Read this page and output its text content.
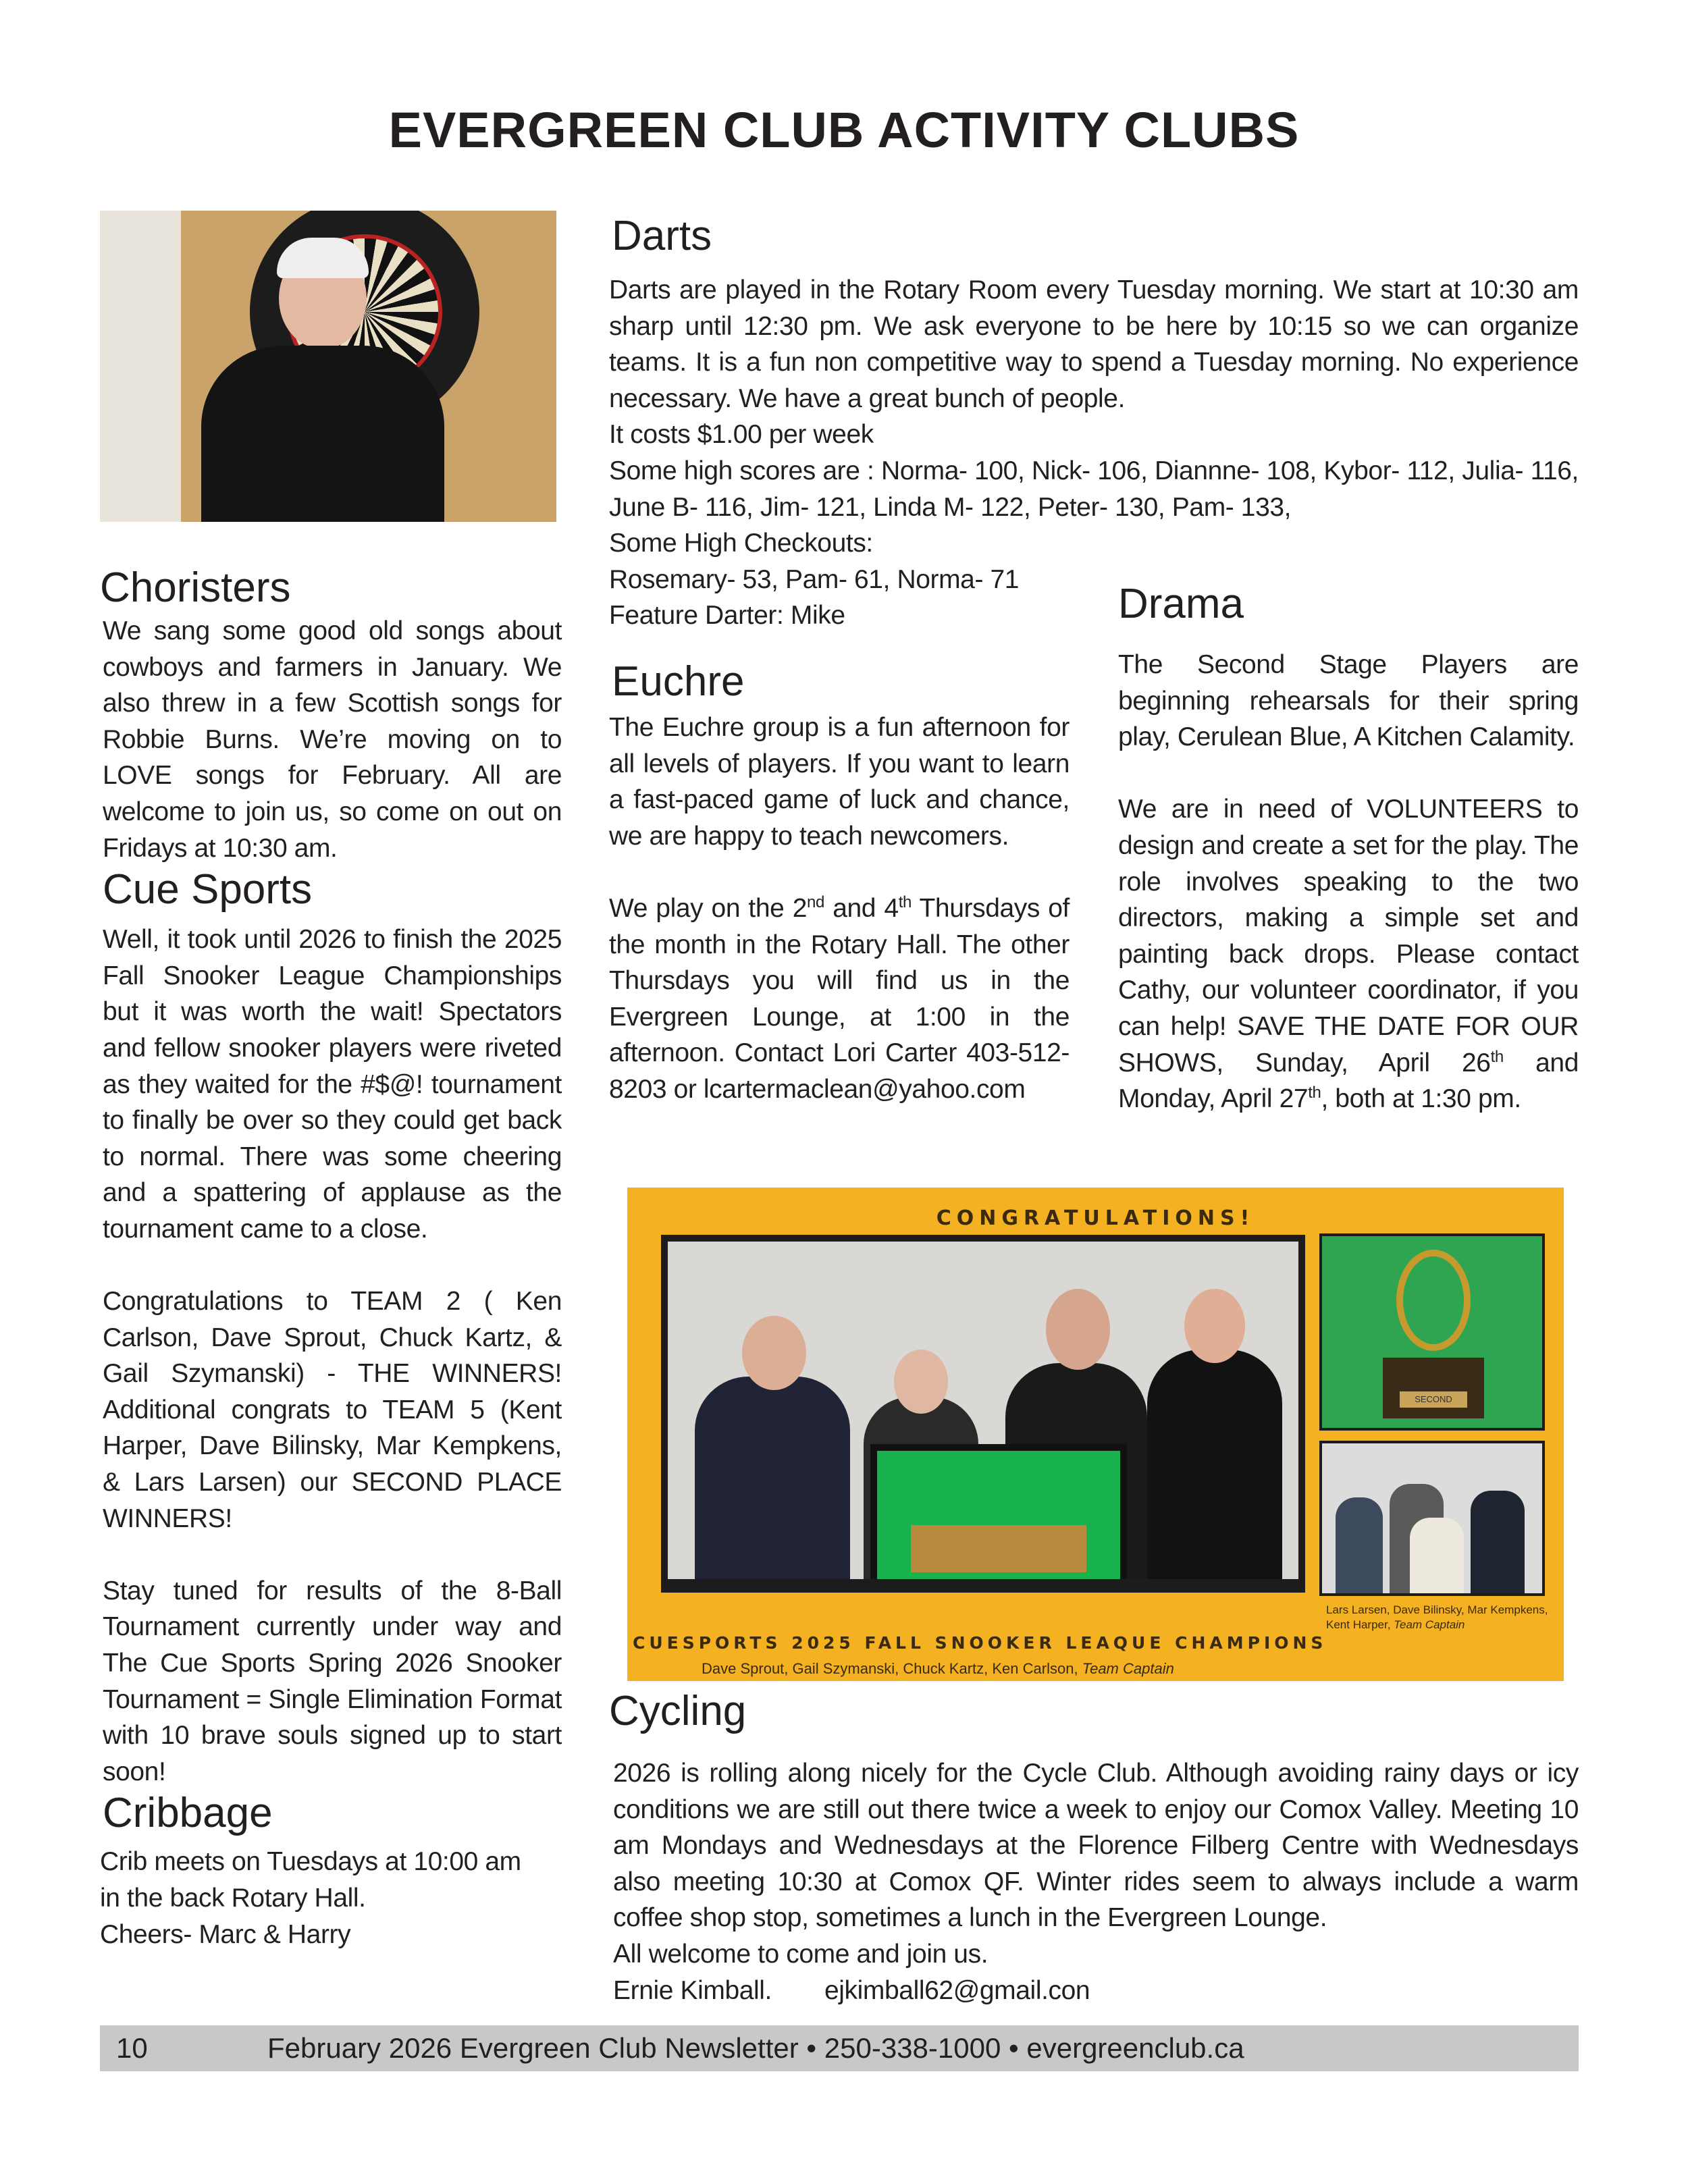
EVERGREEN CLUB ACTIVITY CLUBS
Choristers

We sang some good old songs about cowboys and farmers in January. We also threw in a few Scottish songs for Robbie Burns. We’re moving on to LOVE songs for February. All are welcome to join us, so come on out on Fridays at 10:30 am.

Cue Sports

Well, it took until 2026 to finish the 2025 Fall Snooker League Championships but it was worth the wait! Spectators and fellow snooker players were riveted as they waited for the #$@! tournament to finally be over so they could get back to normal. There was some cheering and a spattering of applause as the tournament came to a close.

Congratulations to TEAM 2 ( Ken Carlson, Dave Sprout, Chuck Kartz, & Gail Szymanski) - THE WINNERS! Additional congrats to TEAM 5 (Kent Harper, Dave Bilinsky, Mar Kempkens, & Lars Larsen) our SECOND PLACE WINNERS!

Stay tuned for results of the 8-Ball Tournament currently under way and The Cue Sports Spring 2026 Snooker Tournament = Single Elimination Format with 10 brave souls signed up to start soon!

Cribbage

Crib meets on Tuesdays at 10:00 am

in the back Rotary Hall.

Cheers- Marc & Harry

Darts

Darts are played in the Rotary Room every Tuesday morning. We start at 10:30 am sharp until 12:30 pm. We ask everyone to be here by 10:15 so we can organize teams. It is a fun non competitive way to spend a Tuesday morning. No experience necessary. We have a great bunch of people.

It costs $1.00 per week

Some high scores are : Norma- 100, Nick- 106, Diannne- 108, Kybor- 112, Julia- 116, June B- 116, Jim- 121, Linda M- 122, Peter- 130, Pam- 133,

Some High Checkouts:

Rosemary- 53, Pam- 61, Norma- 71

Feature Darter: Mike

Euchre

The Euchre group is a fun afternoon for all levels of players. If you want to learn a fast-paced game of luck and chance, we are happy to teach newcomers.

We play on the 2nd and 4th Thursdays of the month in the Rotary Hall. The other Thursdays you will find us in the Evergreen Lounge, at 1:00 in the afternoon. Contact Lori Carter 403-512-8203 or lcartermaclean@yahoo.com

Drama

The Second Stage Players are beginning rehearsals for their spring play, Cerulean Blue, A Kitchen Calamity.

We are in need of VOLUNTEERS to design and create a set for the play. The role involves speaking to the two directors, making a simple set and painting back drops. Please contact Cathy, our volunteer coordinator, if you can help! SAVE THE DATE FOR OUR SHOWS, Sunday, April 26th and Monday, April 27th, both at 1:30 pm.

CONGRATULATIONS!
SECOND
Lars Larsen, Dave Bilinsky, Mar Kempkens, Kent Harper, Team Captain
CUESPORTS 2025 FALL SNOOKER LEAQUE CHAMPIONS
Dave Sprout, Gail Szymanski, Chuck Kartz, Ken Carlson, Team Captain
Cycling

2026 is rolling along nicely for the Cycle Club. Although avoiding rainy days or icy conditions we are still out there twice a week to enjoy our Comox Valley. Meeting 10 am Mondays and Wednesdays at the Florence Filberg Centre with Wednesdays also meeting 10:30 at Comox QF. Winter rides seem to always include a warm coffee shop stop, sometimes a lunch in the Evergreen Lounge.

All welcome to come and join us.

Ernie Kimball. ejkimball62@gmail.con

10	February 2026 Evergreen Club Newsletter • 250-338-1000 • evergreenclub.ca
